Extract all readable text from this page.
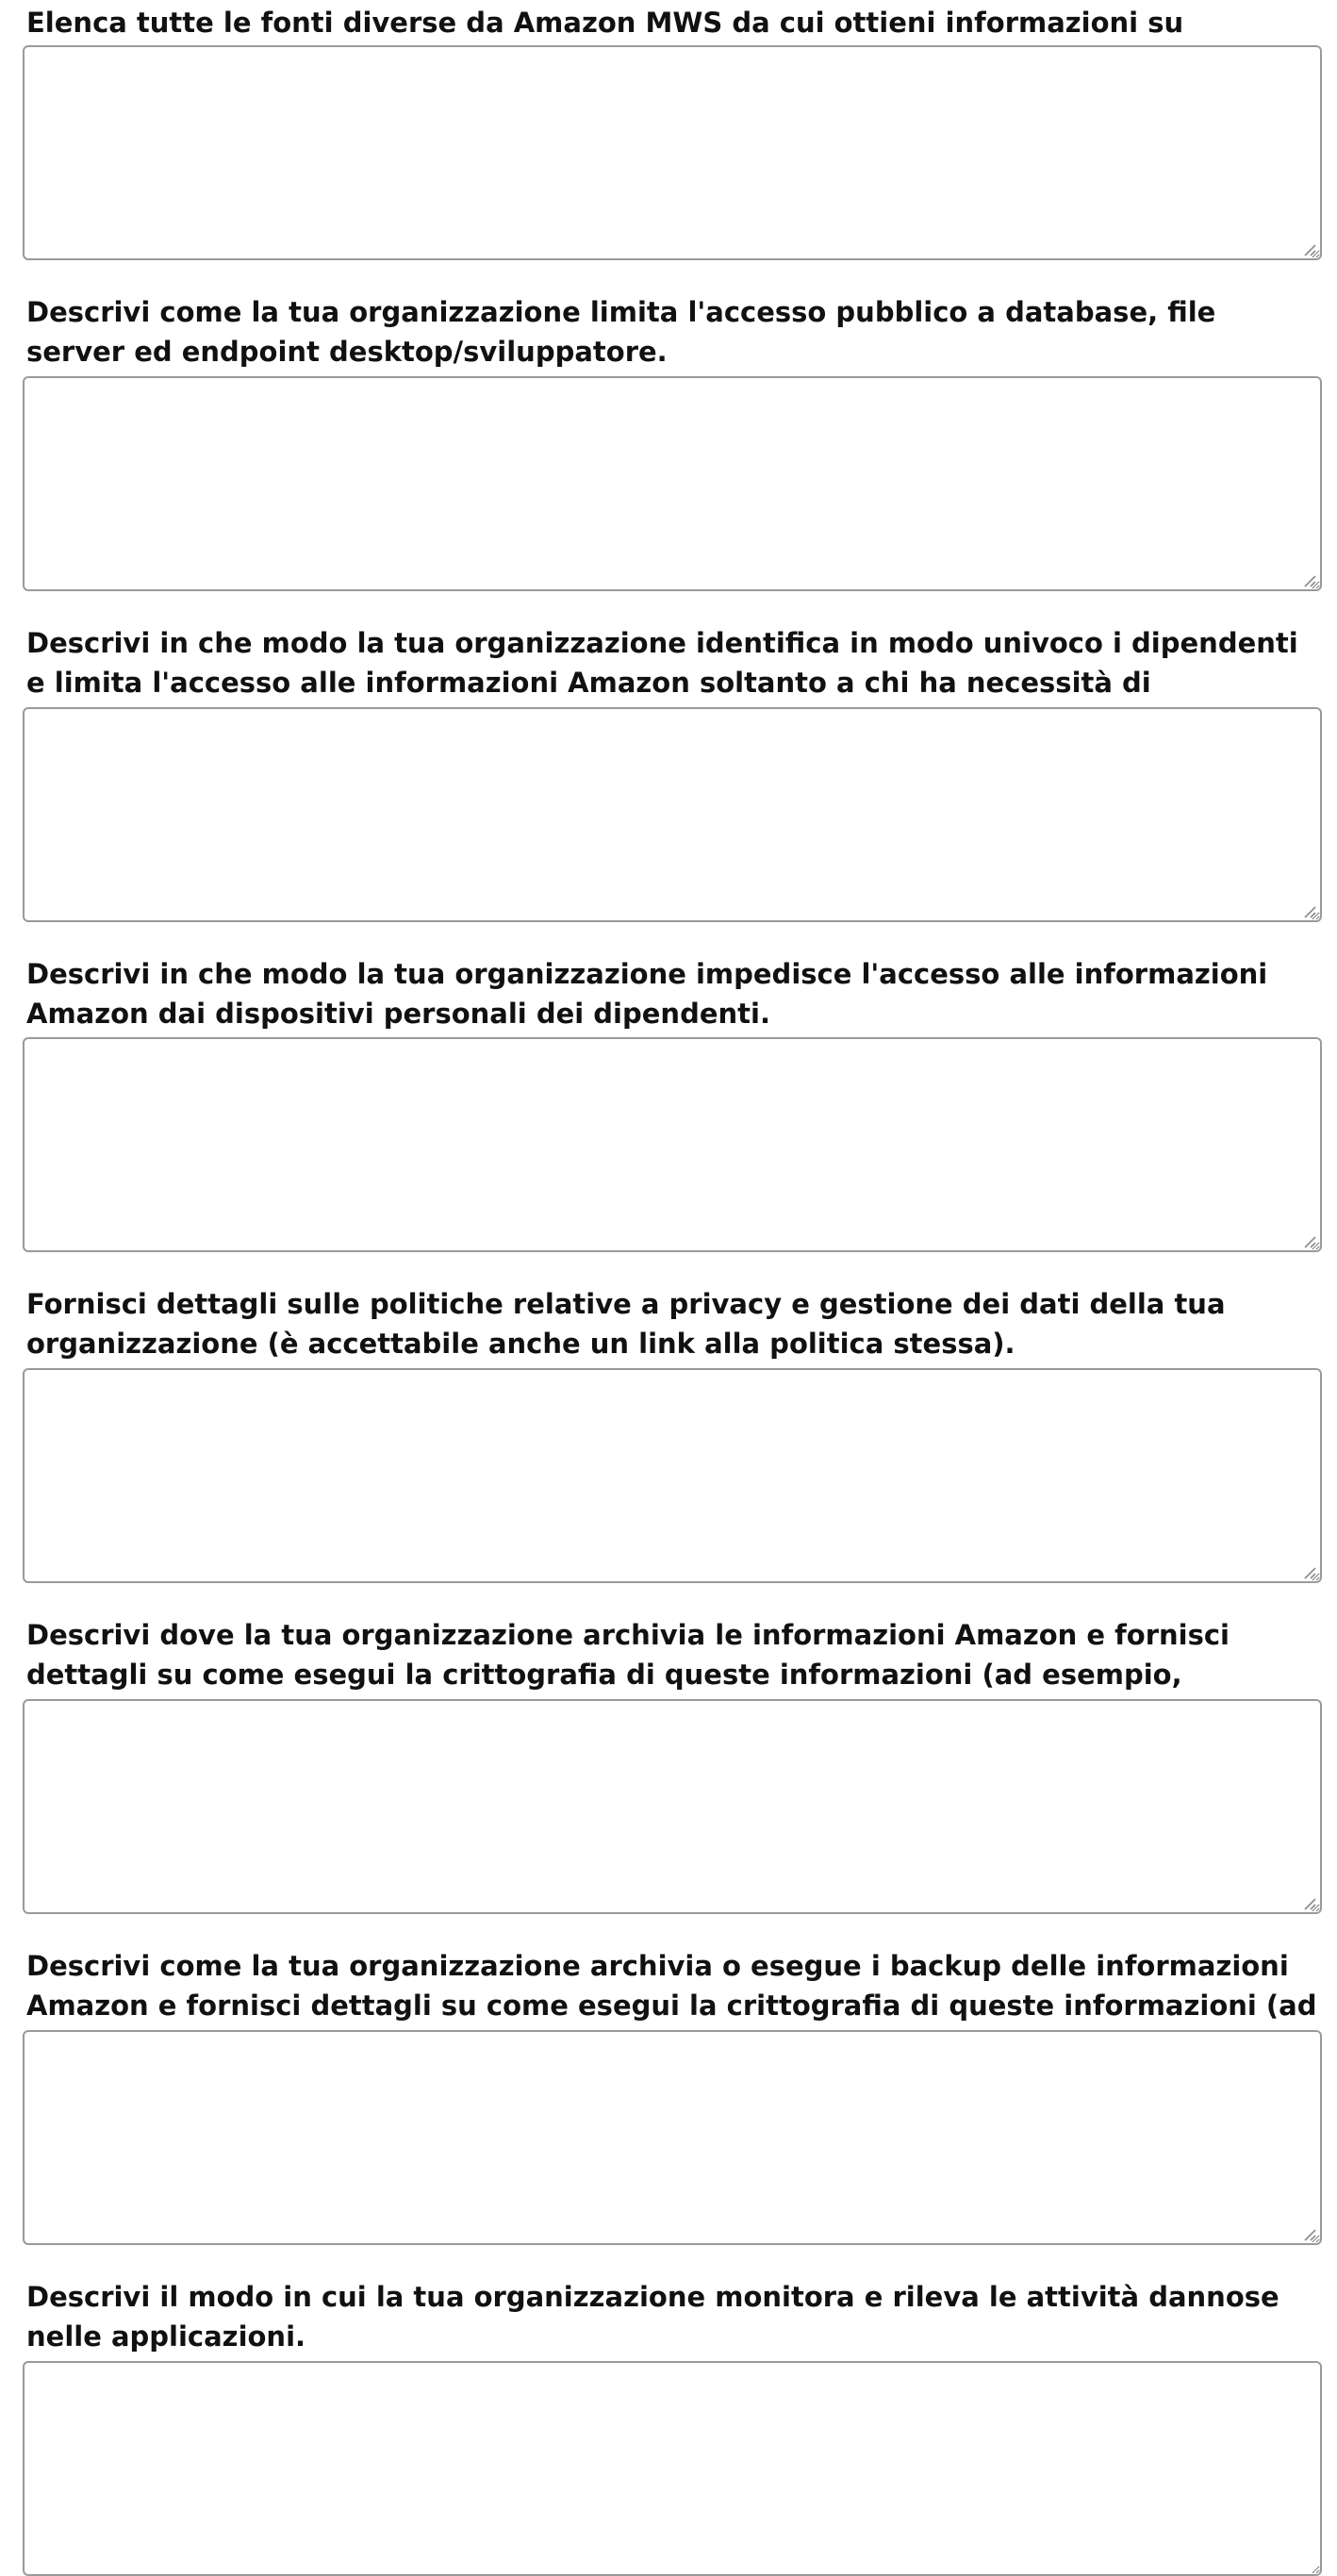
Elenca tutte le fonti diverse da Amazon MWS da cui ottieni informazioni su
Descrivi come la tua organizzazione limita l'accesso pubblico a database, file server ed endpoint desktop/sviluppatore.
Descrivi in che modo la tua organizzazione identifica in modo univoco i dipendenti e limita l'accesso alle informazioni Amazon soltanto a chi ha necessità di
Descrivi in che modo la tua organizzazione impedisce l'accesso alle informazioni Amazon dai dispositivi personali dei dipendenti.
Fornisci dettagli sulle politiche relative a privacy e gestione dei dati della tua organizzazione (è accettabile anche un link alla politica stessa).
Descrivi dove la tua organizzazione archivia le informazioni Amazon e fornisci dettagli su come esegui la crittografia di queste informazioni (ad esempio,
Descrivi come la tua organizzazione archivia o esegue i backup delle informazioni Amazon e fornisci dettagli su come esegui la crittografia di queste informazioni (ad
Descrivi il modo in cui la tua organizzazione monitora e rileva le attività dannose nelle applicazioni.
